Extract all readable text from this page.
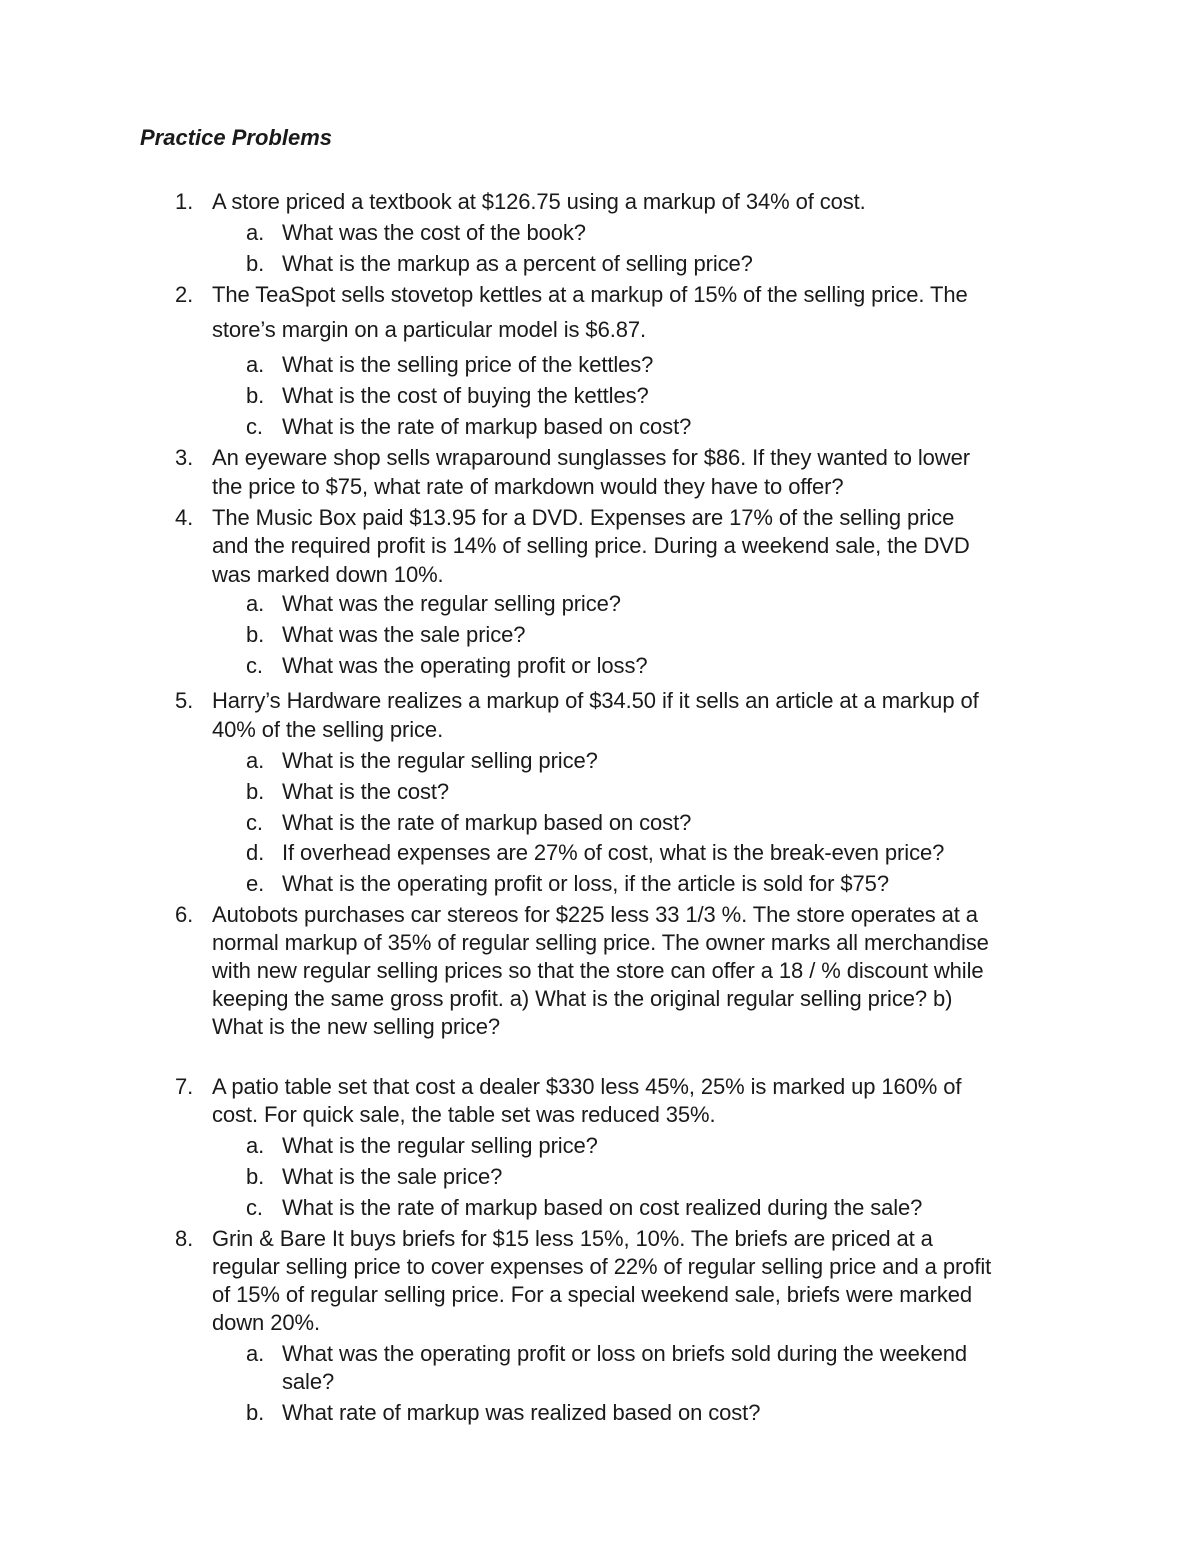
Practice Problems
1. A store priced a textbook at $126.75 using a markup of 34% of cost.
a. What was the cost of the book?
b. What is the markup as a percent of selling price?
2. The TeaSpot sells stovetop kettles at a markup of 15% of the selling price. The
store’s margin on a particular model is $6.87.
a. What is the selling price of the kettles?
b. What is the cost of buying the kettles?
c. What is the rate of markup based on cost?
3. An eyeware shop sells wraparound sunglasses for $86. If they wanted to lower
the price to $75, what rate of markdown would they have to offer?
4. The Music Box paid $13.95 for a DVD. Expenses are 17% of the selling price
and the required profit is 14% of selling price. During a weekend sale, the DVD
was marked down 10%.
a. What was the regular selling price?
b. What was the sale price?
c. What was the operating profit or loss?
5. Harry’s Hardware realizes a markup of $34.50 if it sells an article at a markup of
40% of the selling price.
a. What is the regular selling price?
b. What is the cost?
c. What is the rate of markup based on cost?
d. If overhead expenses are 27% of cost, what is the break-even price?
e. What is the operating profit or loss, if the article is sold for $75?
6. Autobots purchases car stereos for $225 less 33 1/3 %. The store operates at a
normal markup of 35% of regular selling price. The owner marks all merchandise
with new regular selling prices so that the store can offer a 18 / % discount while
keeping the same gross profit. a) What is the original regular selling price? b)
What is the new selling price?
7. A patio table set that cost a dealer $330 less 45%, 25% is marked up 160% of
cost. For quick sale, the table set was reduced 35%.
a. What is the regular selling price?
b. What is the sale price?
c. What is the rate of markup based on cost realized during the sale?
8. Grin & Bare It buys briefs for $15 less 15%, 10%. The briefs are priced at a
regular selling price to cover expenses of 22% of regular selling price and a profit
of 15% of regular selling price. For a special weekend sale, briefs were marked
down 20%.
a. What was the operating profit or loss on briefs sold during the weekend
sale?
b. What rate of markup was realized based on cost?
